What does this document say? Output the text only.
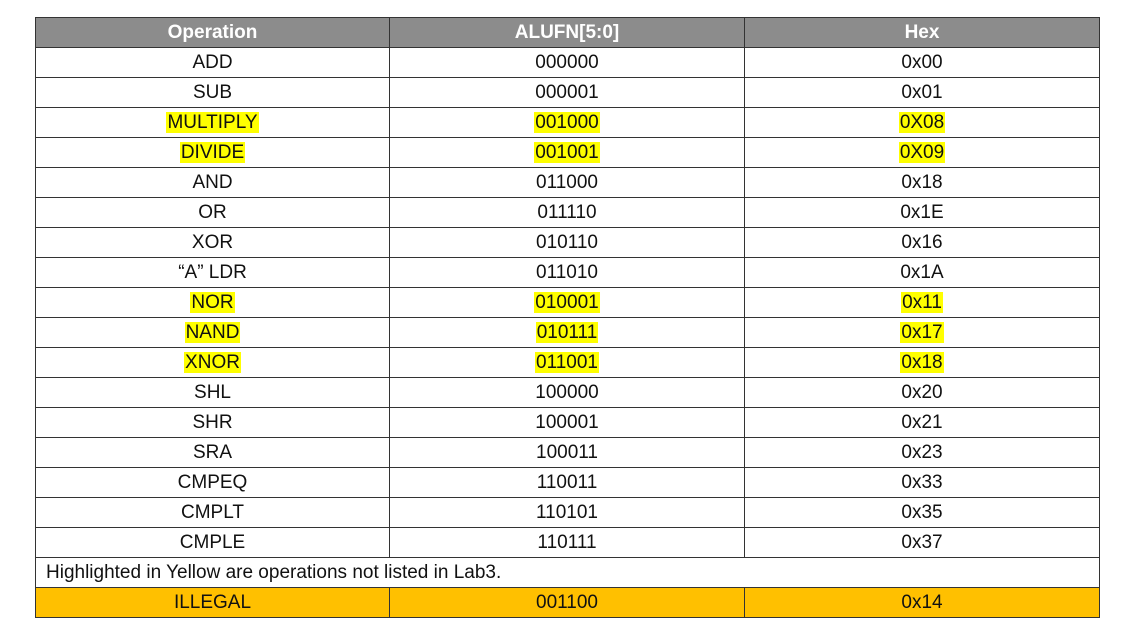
Operation	ALUFN[5:0]	Hex
ADD	000000	0x00
SUB	000001	0x01
MULTIPLY	001000	0X08
DIVIDE	001001	0X09
AND	011000	0x18
OR	011110	0x1E
XOR	010110	0x16
“A” LDR	011010	0x1A
NOR	010001	0x11
NAND	010111	0x17
XNOR	011001	0x18
SHL	100000	0x20
SHR	100001	0x21
SRA	100011	0x23
CMPEQ	110011	0x33
CMPLT	110101	0x35
CMPLE	110111	0x37
Highlighted in Yellow are operations not listed in Lab3.		
ILLEGAL	001100	0x14
